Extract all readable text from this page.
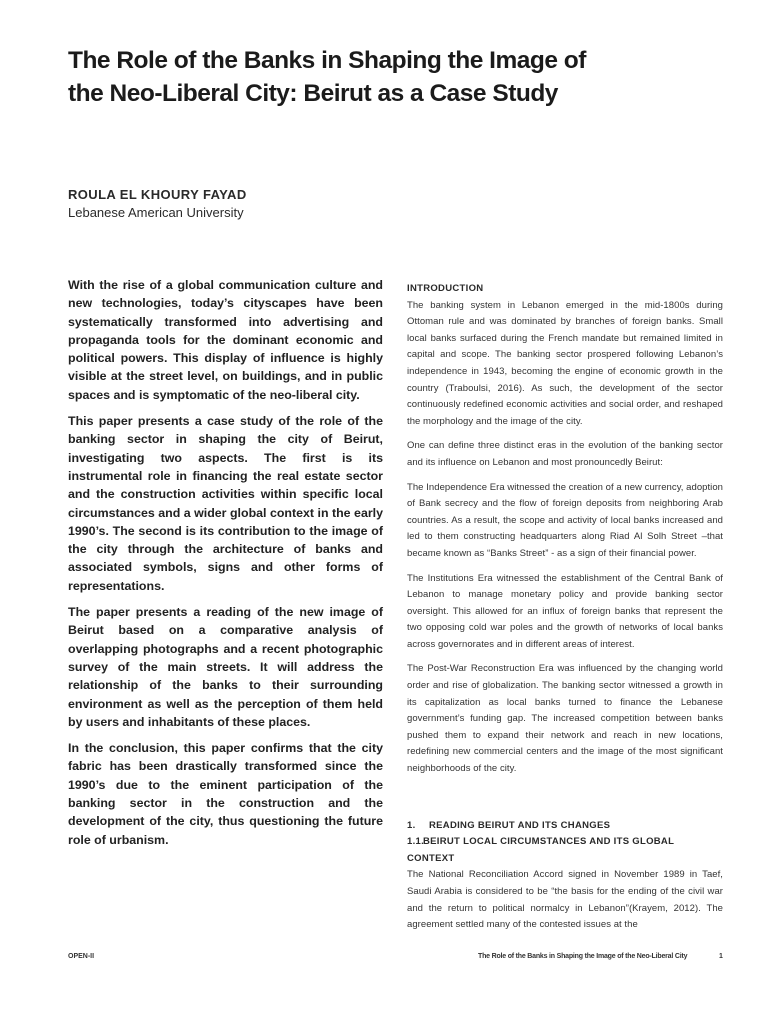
The Role of the Banks in Shaping the Image of
the Neo-Liberal City: Beirut as a Case Study
ROULA EL KHOURY FAYAD
Lebanese American University

With the rise of a global communication culture and new technologies, today’s cityscapes have been systematically transformed into advertising and propaganda tools for the dominant economic and political powers. This display of influence is highly visible at the street level, on buildings, and in public spaces and is symptomatic of the neo-liberal city.

This paper presents a case study of the role of the banking sector in shaping the city of Beirut, investigating two aspects. The first is its instrumental role in financing the real estate sector and the construction activities within specific local circumstances and a wider global context in the early 1990’s. The second is its contribution to the image of the city through the architecture of banks and associated symbols, signs and other forms of representations.

The paper presents a reading of the new image of Beirut based on a comparative analysis of overlapping photographs and a recent photographic survey of the main streets. It will address the relationship of the banks to their surrounding environment as well as the perception of them held by users and inhabitants of these places.

In the conclusion, this paper confirms that the city fabric has been drastically transformed since the 1990’s due to the eminent participation of the banking sector in the construction and the development of the city, thus questioning the future role of urbanism.

INTRODUCTION

The banking system in Lebanon emerged in the mid-1800s during Ottoman rule and was dominated by branches of foreign banks. Small local banks surfaced during the French mandate but remained limited in capital and scope. The banking sector prospered following Lebanon’s independence in 1943, becoming the engine of economic growth in the country (Traboulsi, 2016). As such, the development of the sector continuously redefined economic activities and social order, and reshaped the morphology and the image of the city.

One can define three distinct eras in the evolution of the banking sector and its influence on Lebanon and most pronouncedly Beirut:

The Independence Era witnessed the creation of a new currency, adoption of Bank secrecy and the flow of foreign deposits from neighboring Arab countries. As a result, the scope and activity of local banks increased and led to them constructing headquarters along Riad Al Solh Street –that became known as “Banks Street” - as a sign of their financial power.

The Institutions Era witnessed the establishment of the Central Bank of Lebanon to manage monetary policy and provide banking sector oversight. This allowed for an influx of foreign banks that represent the two opposing cold war poles and the growth of networks of local banks across governorates and in different areas of interest.

The Post-War Reconstruction Era was influenced by the changing world order and rise of globalization. The banking sector witnessed a growth in its capitalization as local banks turned to finance the Lebanese government’s funding gap. The increased competition between banks pushed them to expand their network and reach in new locations, redefining new commercial centers and the image of the most significant neighborhoods of the city.

1. READING BEIRUT AND ITS CHANGES
1.1.BEIRUT LOCAL CIRCUMSTANCES AND ITS GLOBAL CONTEXT

The National Reconciliation Accord signed in November 1989 in Taef, Saudi Arabia is considered to be “the basis for the ending of the civil war and the return to political normalcy in Lebanon”(Krayem, 2012). The agreement settled many of the contested issues at the

OPEN-II	The Role of the Banks in Shaping the Image of the Neo-Liberal City	1
